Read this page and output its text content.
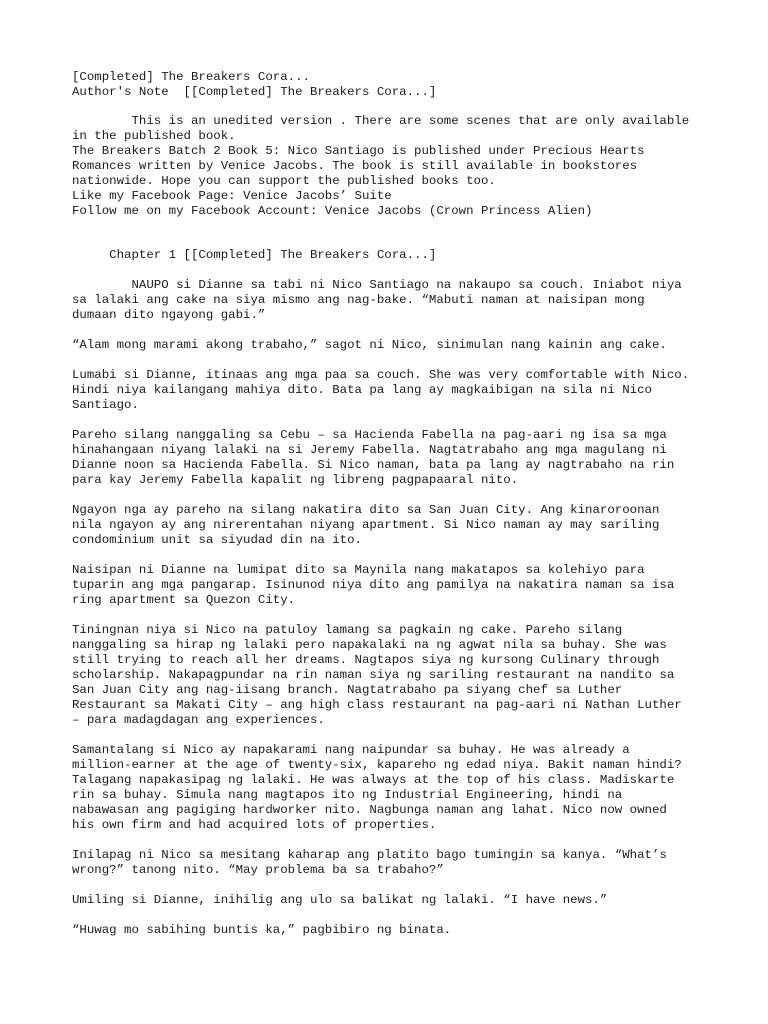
[Completed] The Breakers Cora...
Author's Note  [[Completed] The Breakers Cora...]
This is an unedited version . There are some scenes that are only available
in the published book.
The Breakers Batch 2 Book 5: Nico Santiago is published under Precious Hearts
Romances written by Venice Jacobs. The book is still available in bookstores
nationwide. Hope you can support the published books too.
Like my Facebook Page: Venice Jacobs’ Suite
Follow me on my Facebook Account: Venice Jacobs (Crown Princess Alien)
Chapter 1 [[Completed] The Breakers Cora...]
NAUPO si Dianne sa tabi ni Nico Santiago na nakaupo sa couch. Iniabot niya
sa lalaki ang cake na siya mismo ang nag-bake. “Mabuti naman at naisipan mong
dumaan dito ngayong gabi.”
“Alam mong marami akong trabaho,” sagot ni Nico, sinimulan nang kainin ang cake.
Lumabi si Dianne, itinaas ang mga paa sa couch. She was very comfortable with Nico.
Hindi niya kailangang mahiya dito. Bata pa lang ay magkaibigan na sila ni Nico
Santiago.
Pareho silang nanggaling sa Cebu – sa Hacienda Fabella na pag-aari ng isa sa mga
hinahangaan niyang lalaki na si Jeremy Fabella. Nagtatrabaho ang mga magulang ni
Dianne noon sa Hacienda Fabella. Si Nico naman, bata pa lang ay nagtrabaho na rin
para kay Jeremy Fabella kapalit ng libreng pagpapaaral nito.
Ngayon nga ay pareho na silang nakatira dito sa San Juan City. Ang kinaroroonan
nila ngayon ay ang nirerentahan niyang apartment. Si Nico naman ay may sariling
condominium unit sa siyudad din na ito.
Naisipan ni Dianne na lumipat dito sa Maynila nang makatapos sa kolehiyo para
tuparin ang mga pangarap. Isinunod niya dito ang pamilya na nakatira naman sa isa
ring apartment sa Quezon City.
Tiningnan niya si Nico na patuloy lamang sa pagkain ng cake. Pareho silang
nanggaling sa hirap ng lalaki pero napakalaki na ng agwat nila sa buhay. She was
still trying to reach all her dreams. Nagtapos siya ng kursong Culinary through
scholarship. Nakapagpundar na rin naman siya ng sariling restaurant na nandito sa
San Juan City ang nag-iisang branch. Nagtatrabaho pa siyang chef sa Luther
Restaurant sa Makati City – ang high class restaurant na pag-aari ni Nathan Luther
– para madagdagan ang experiences.
Samantalang si Nico ay napakarami nang naipundar sa buhay. He was already a
million-earner at the age of twenty-six, kapareho ng edad niya. Bakit naman hindi?
Talagang napakasipag ng lalaki. He was always at the top of his class. Madiskarte
rin sa buhay. Simula nang magtapos ito ng Industrial Engineering, hindi na
nabawasan ang pagiging hardworker nito. Nagbunga naman ang lahat. Nico now owned
his own firm and had acquired lots of properties.
Inilapag ni Nico sa mesitang kaharap ang platito bago tumingin sa kanya. “What’s
wrong?” tanong nito. “May problema ba sa trabaho?”
Umiling si Dianne, inihilig ang ulo sa balikat ng lalaki. “I have news.”
“Huwag mo sabihing buntis ka,” pagbibiro ng binata.
